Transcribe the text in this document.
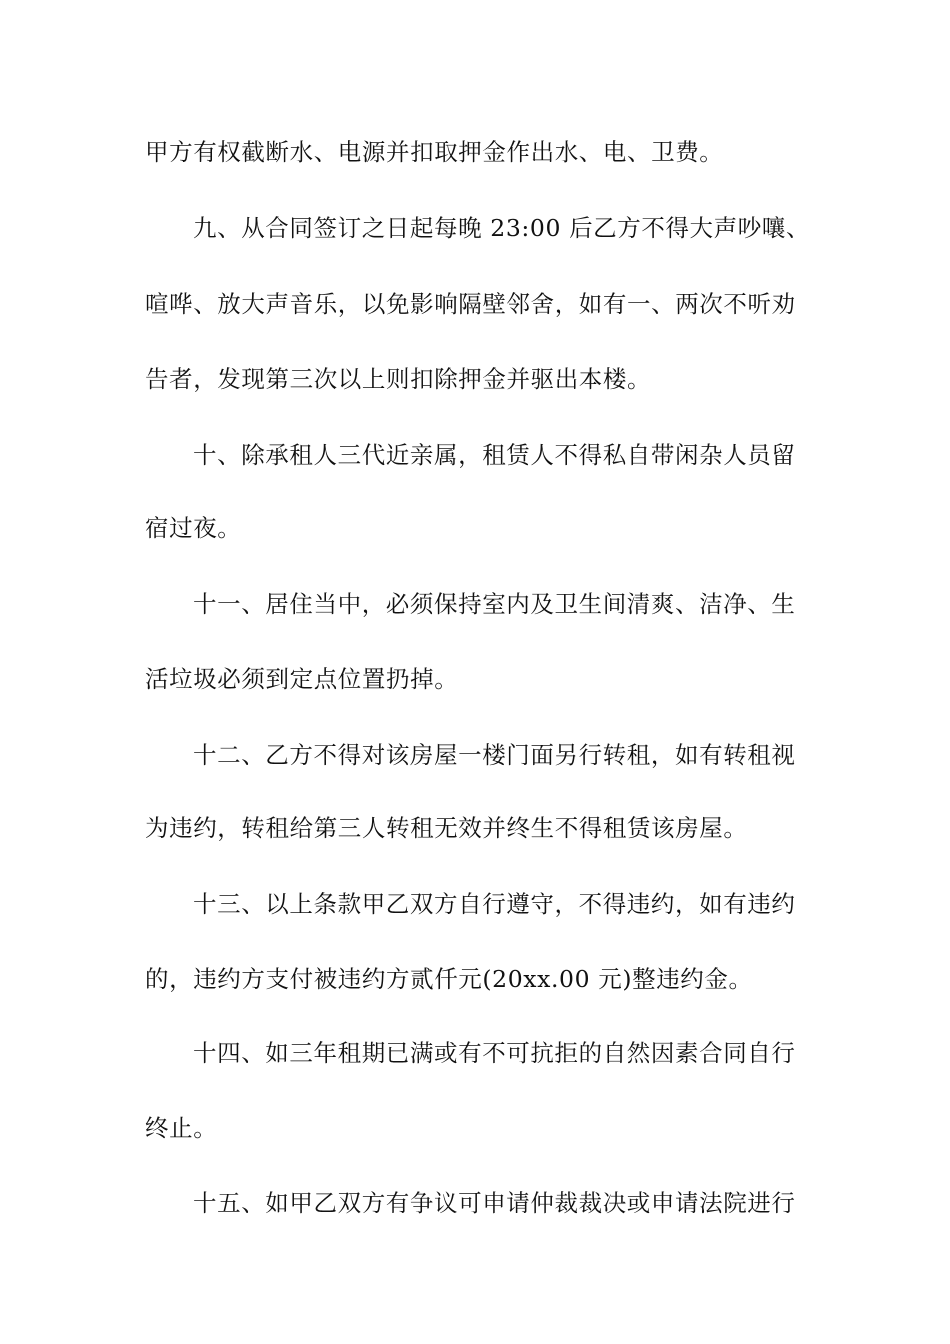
甲方有权截断水、电源并扣取押金作出水、电、卫费。
九、从合同签订之日起每晚 23:00 后乙方不得大声吵嚷、
喧哗、放大声音乐，以免影响隔壁邻舍，如有一、两次不听劝
告者，发现第三次以上则扣除押金并驱出本楼。
十、除承租人三代近亲属，租赁人不得私自带闲杂人员留
宿过夜。
十一、居住当中，必须保持室内及卫生间清爽、洁净、生
活垃圾必须到定点位置扔掉。
十二、乙方不得对该房屋一楼门面另行转租，如有转租视
为违约，转租给第三人转租无效并终生不得租赁该房屋。
十三、以上条款甲乙双方自行遵守，不得违约，如有违约
的，违约方支付被违约方贰仟元(20xx.00 元)整违约金。
十四、如三年租期已满或有不可抗拒的自然因素合同自行
终止。
十五、如甲乙双方有争议可申请仲裁裁决或申请法院进行
